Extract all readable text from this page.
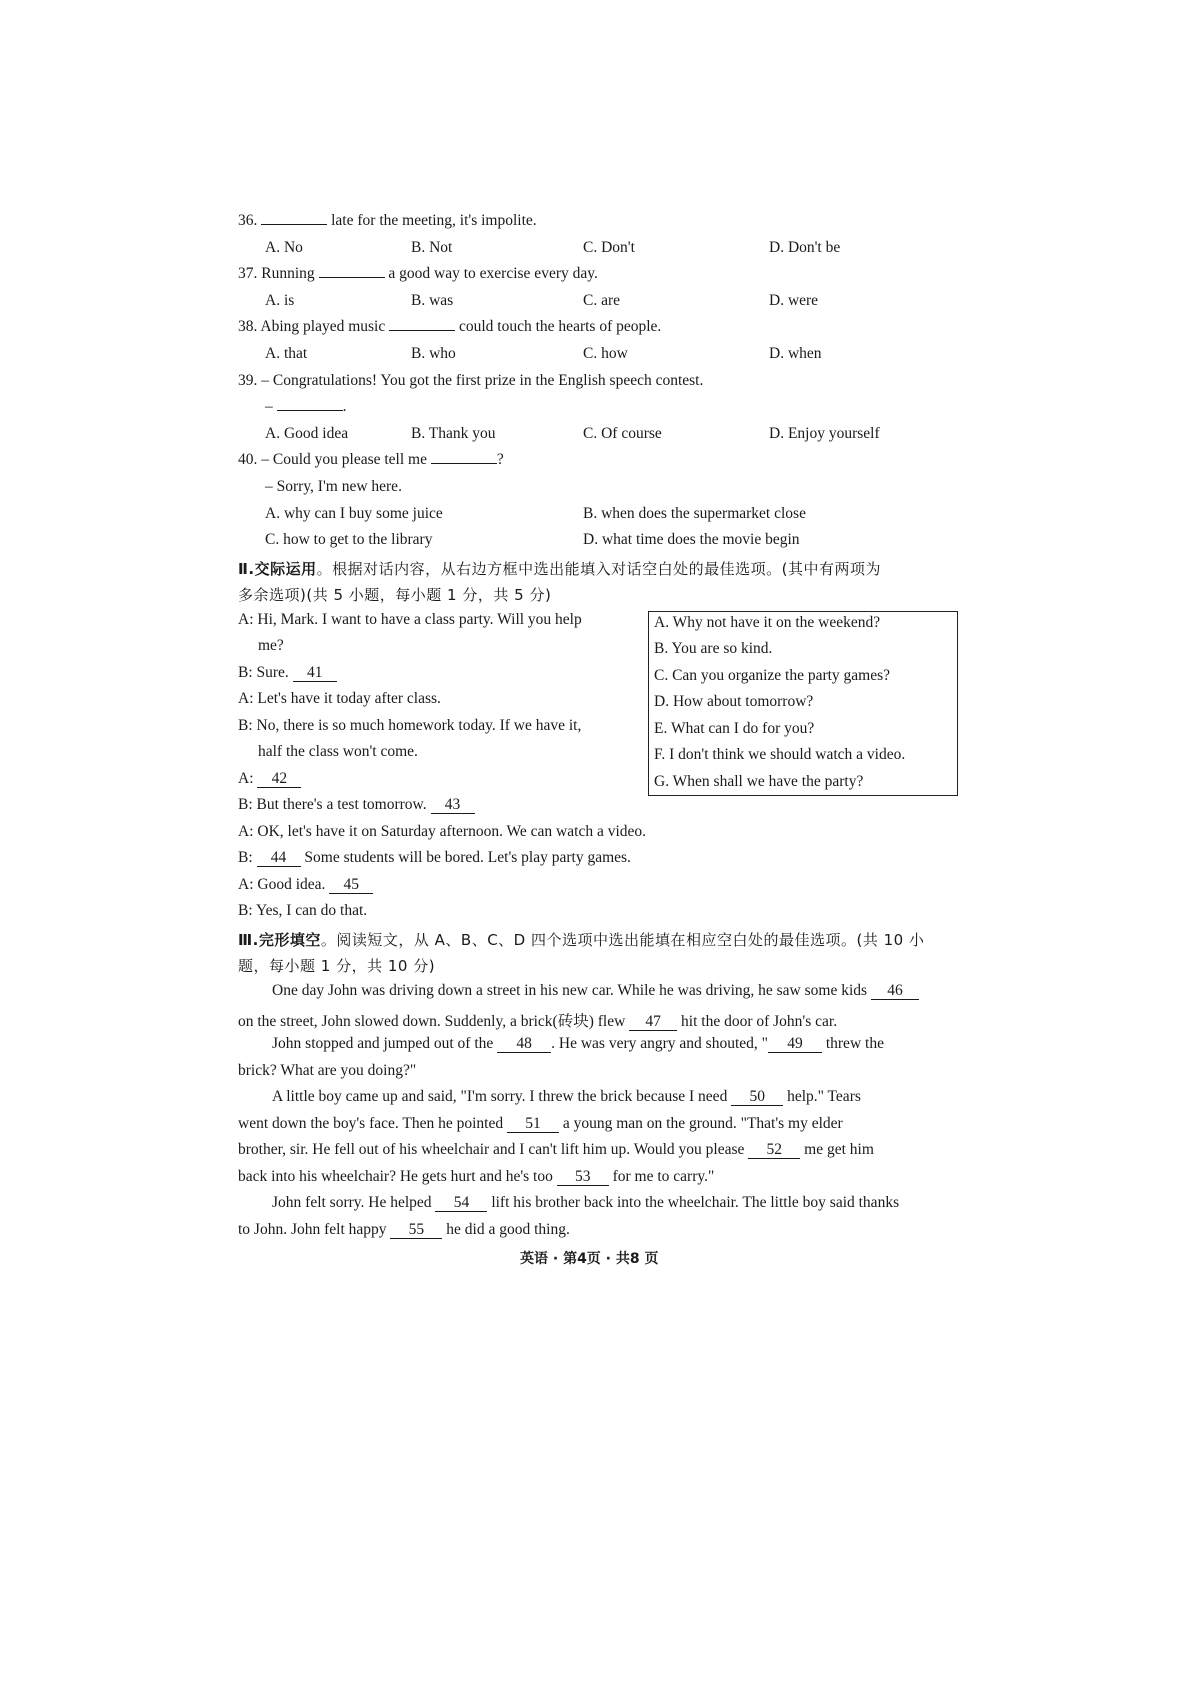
36.	late for the meeting, it's impolite.
A. No	B. Not	C. Don't	D. Don't be
37. Running	a good way to exercise every day.
A. is	B. was	C. are	D. were
38. Abing played music	could touch the hearts of people.
A. that	B. who	C. how	D. when
39. – Congratulations! You got the first prize in the English speech contest.
–	.
A. Good idea	B. Thank you	C. Of course	D. Enjoy yourself
40. – Could you please tell me	?
– Sorry, I'm new here.
A. why can I buy some juice	B. when does the supermarket close
C. how to get to the library	D. what time does the movie begin
Ⅱ.交际运用。根据对话内容，从右边方框中选出能填入对话空白处的最佳选项。(其中有两项为
多余选项)(共 5 小题，每小题 1 分，共 5 分)
A. Why not have it on the weekend?
B. You are so kind.
C. Can you organize the party games?
D. How about tomorrow?
E. What can I do for you?
F. I don't think we should watch a video.
G. When shall we have the party?
A: Hi, Mark. I want to have a class party. Will you help
me?
B: Sure. 41
A: Let's have it today after class.
B: No, there is so much homework today. If we have it,
half the class won't come.
A: 42
B: But there's a test tomorrow. 43
A: OK, let's have it on Saturday afternoon. We can watch a video.
B: 44 Some students will be bored. Let's play party games.
A: Good idea. 45
B: Yes, I can do that.
Ⅲ.完形填空。阅读短文，从 A、B、C、D 四个选项中选出能填在相应空白处的最佳选项。(共 10 小
题，每小题 1 分，共 10 分)
One day John was driving down a street in his new car. While he was driving, he saw some kids 46
on the street, John slowed down. Suddenly, a brick(砖块) flew 47 hit the door of John's car.
John stopped and jumped out of the 48 . He was very angry and shouted, " 49 threw the
brick? What are you doing?"
A little boy came up and said, "I'm sorry. I threw the brick because I need 50 help." Tears
went down the boy's face. Then he pointed 51 a young man on the ground. "That's my elder
brother, sir. He fell out of his wheelchair and I can't lift him up. Would you please 52 me get him
back into his wheelchair? He gets hurt and he's too 53 for me to carry."
John felt sorry. He helped 54 lift his brother back into the wheelchair. The little boy said thanks
to John. John felt happy 55 he did a good thing.
英语 · 第4页 · 共8 页
